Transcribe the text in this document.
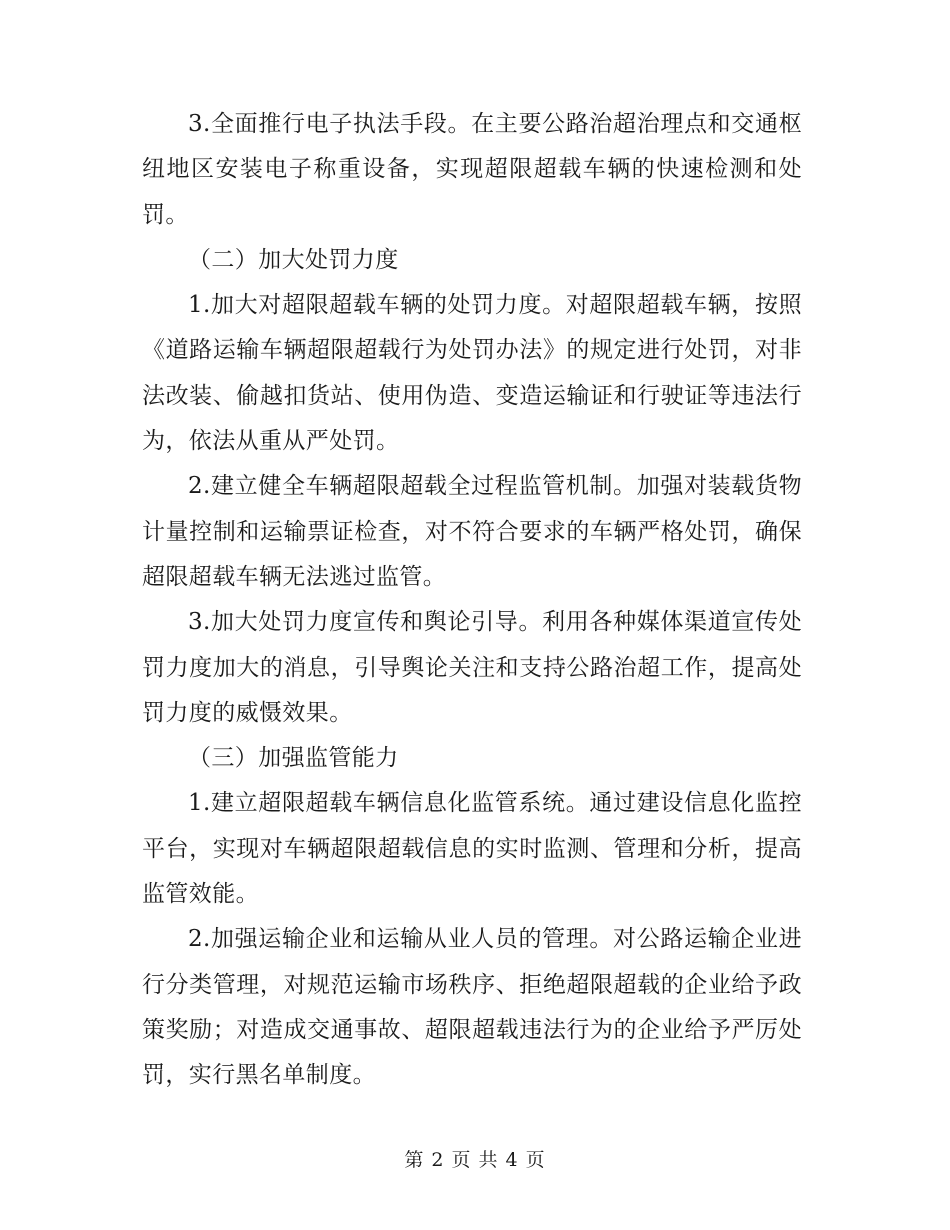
3.全面推行电子执法手段。在主要公路治超治理点和交通枢纽地区安装电子称重设备，实现超限超载车辆的快速检测和处罚。

（二）加大处罚力度

1.加大对超限超载车辆的处罚力度。对超限超载车辆，按照《道路运输车辆超限超载行为处罚办法》的规定进行处罚，对非法改装、偷越扣货站、使用伪造、变造运输证和行驶证等违法行为，依法从重从严处罚。

2.建立健全车辆超限超载全过程监管机制。加强对装载货物计量控制和运输票证检查，对不符合要求的车辆严格处罚，确保超限超载车辆无法逃过监管。

3.加大处罚力度宣传和舆论引导。利用各种媒体渠道宣传处罚力度加大的消息，引导舆论关注和支持公路治超工作，提高处罚力度的威慑效果。

（三）加强监管能力

1.建立超限超载车辆信息化监管系统。通过建设信息化监控平台，实现对车辆超限超载信息的实时监测、管理和分析，提高监管效能。

2.加强运输企业和运输从业人员的管理。对公路运输企业进行分类管理，对规范运输市场秩序、拒绝超限超载的企业给予政策奖励；对造成交通事故、超限超载违法行为的企业给予严厉处罚，实行黑名单制度。

第 2 页 共 4 页
